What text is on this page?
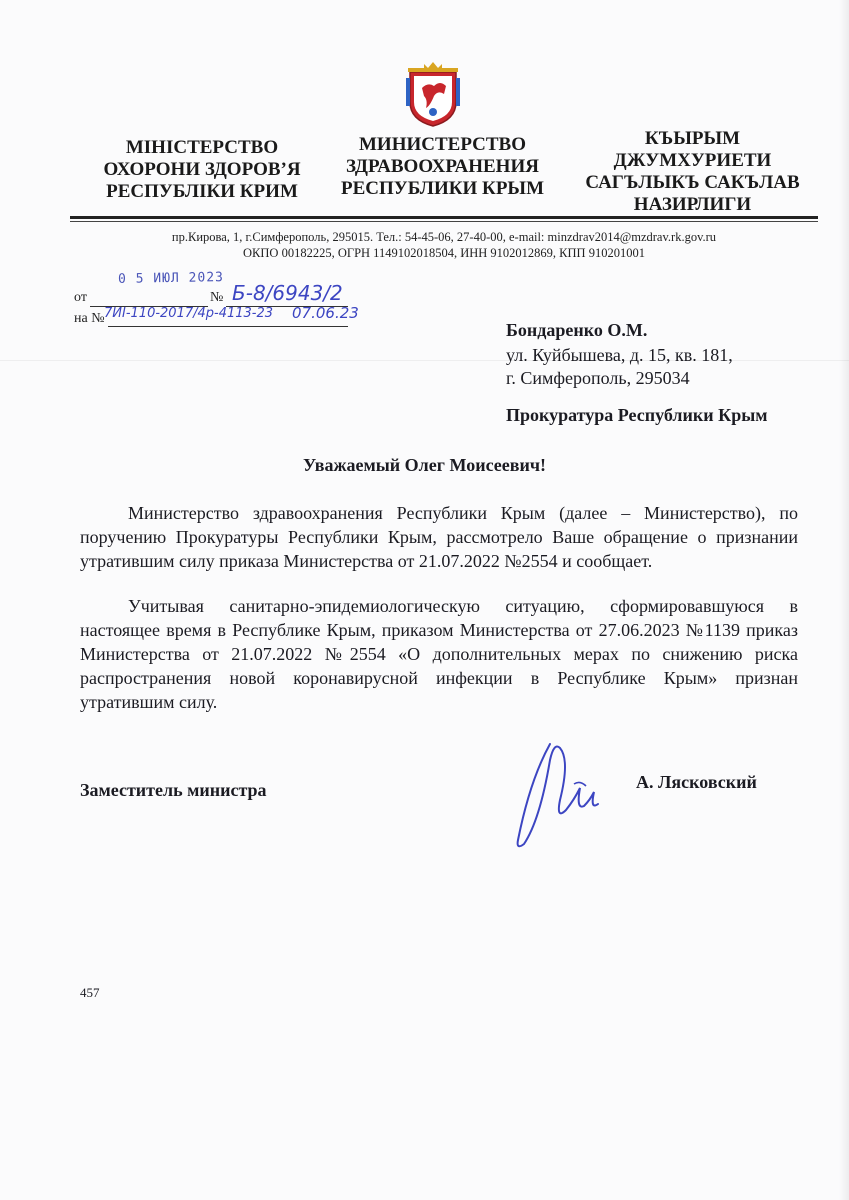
МІНІСТЕРСТВО
ОХОРОНИ ЗДОРОВ’Я
РЕСПУБЛІКИ КРИМ
МИНИСТЕРСТВО
ЗДРАВООХРАНЕНИЯ
РЕСПУБЛИКИ КРЫМ
КЪЫРЫМ
ДЖУМХУРИЕТИ
САГЪЛЫКЪ САКЪЛАВ
НАЗИРЛИГИ
пр.Кирова, 1, г.Симферополь, 295015. Тел.: 54-45-06, 27-40-00, e-mail: minzdrav2014@mzdrav.rk.gov.ru
ОКПО 00182225, ОГРН 1149102018504, ИНН 9102012869, КПП 910201001
0 5 ИЮЛ 2023
от	№ Б-8/6943/2
на № 7ИI-110-2017/4р-4113-23 07.06.23
Бондаренко О.М.
ул. Куйбышева, д. 15, кв. 181,
г. Симферополь, 295034
Прокуратура Республики Крым
Уважаемый Олег Моисеевич!

Министерство здравоохранения Республики Крым (далее – Министерство), по поручению Прокуратуры Республики Крым, рассмотрело Ваше обращение о признании утратившим силу приказа Министерства от 21.07.2022 №2554 и сообщает.

Учитывая санитарно-эпидемиологическую ситуацию, сформировавшуюся в настоящее время в Республике Крым, приказом Министерства от 27.06.2023 №1139 приказ Министерства от 21.07.2022 №2554 «О дополнительных мерах по снижению риска распространения новой коронавирусной инфекции в Республике Крым» признан утратившим силу.

Заместитель министра	А. Лясковский
457
